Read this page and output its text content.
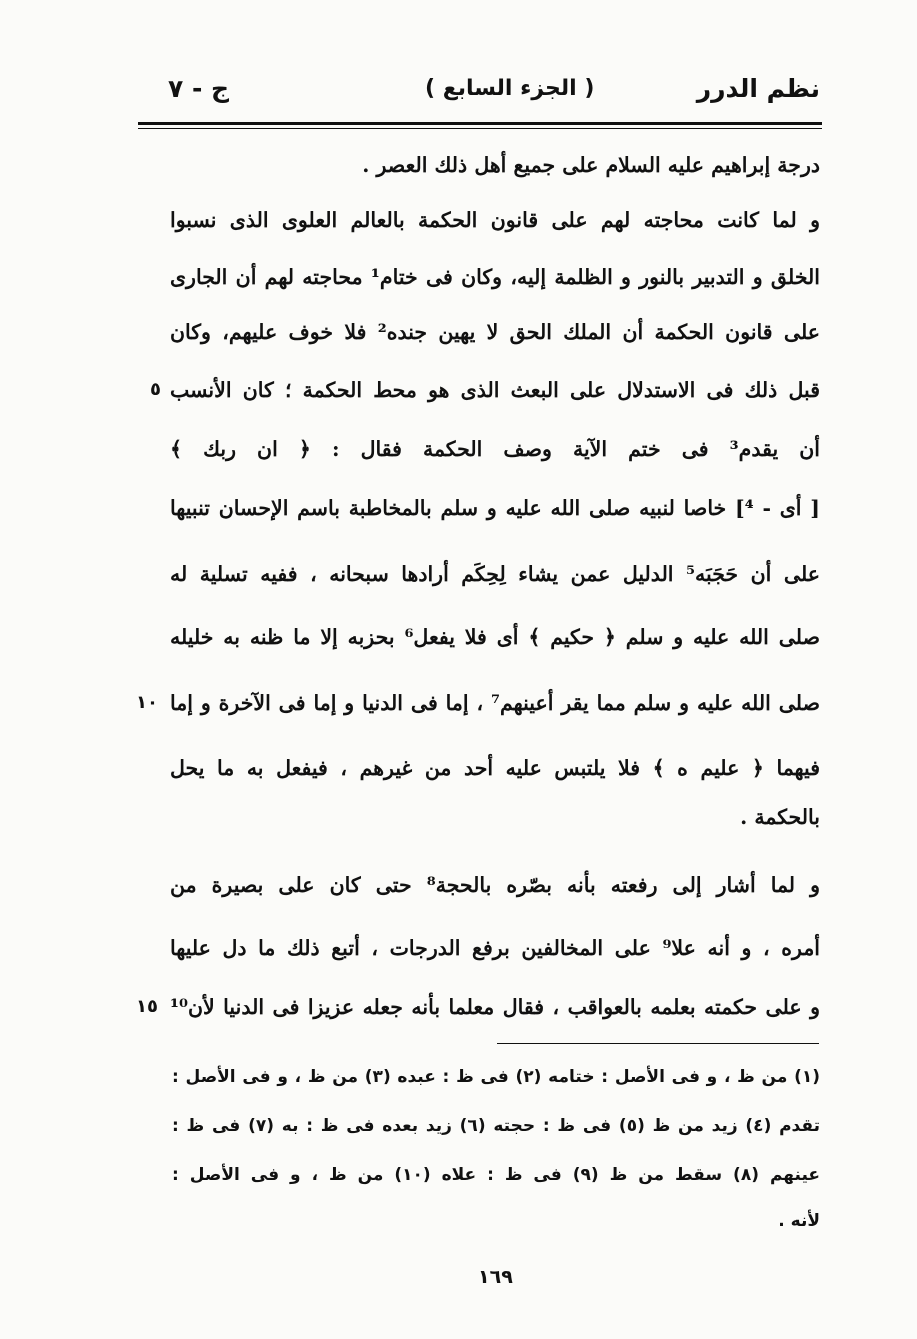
نظم الدرر
( الجزء السابع )
ج - ٧
درجة إبراهيم عليه السلام على جميع أهل ذلك العصر .
و لما كانت محاجته لهم على قانون الحكمة بالعالم العلوى الذى نسبوا
الخلق و التدبير بالنور و الظلمة إليه، وكان فى ختام¹ محاجته لهم أن الجارى
على قانون الحكمة أن الملك الحق لا يهين جنده² فلا خوف عليهم، وكان
قبل ذلك فى الاستدلال على البعث الذى هو محط الحكمة ؛ كان الأنسب
أن يقدم³ فى ختم الآية وصف الحكمة فقال : ﴿ ان ربك ﴾
[ أى - ⁴] خاصا لنبيه صلى الله عليه و سلم بالمخاطبة باسم الإحسان تنبيها
على أن حَجَبَه⁵ الدليل عمن يشاء لِحِكَم أرادها سبحانه ، ففيه تسلية له
صلى الله عليه و سلم ﴿ حكيم ﴾ أى فلا يفعل⁶ بحزبه إلا ما ظنه به خليله
صلى الله عليه و سلم مما يقر أعينهم⁷ ، إما فى الدنيا و إما فى الآخرة و إما
فيهما ﴿ عليم ه ﴾ فلا يلتبس عليه أحد من غيرهم ، فيفعل به ما يحل
بالحكمة .
و لما أشار إلى رفعته بأنه بصّره بالحجة⁸ حتى كان على بصيرة من
أمره ، و أنه علا⁹ على المخالفين برفع الدرجات ، أتبع ذلك ما دل عليها
و على حكمته بعلمه بالعواقب ، فقال معلما بأنه جعله عزيزا فى الدنيا لأن¹⁰
٥
١٠
١٥
(١) من ظ ، و فى الأصل : ختامه (٢) فى ظ : عبده (٣) من ظ ، و فى الأصل :
تقدم (٤) زيد من ظ (٥) فى ظ : حجته (٦) زيد بعده فى ظ : به (٧) فى ظ :
عينهم (٨) سقط من ظ (٩) فى ظ : علاه (١٠) من ظ ، و فى الأصل :
لأنه .
١٦٩
